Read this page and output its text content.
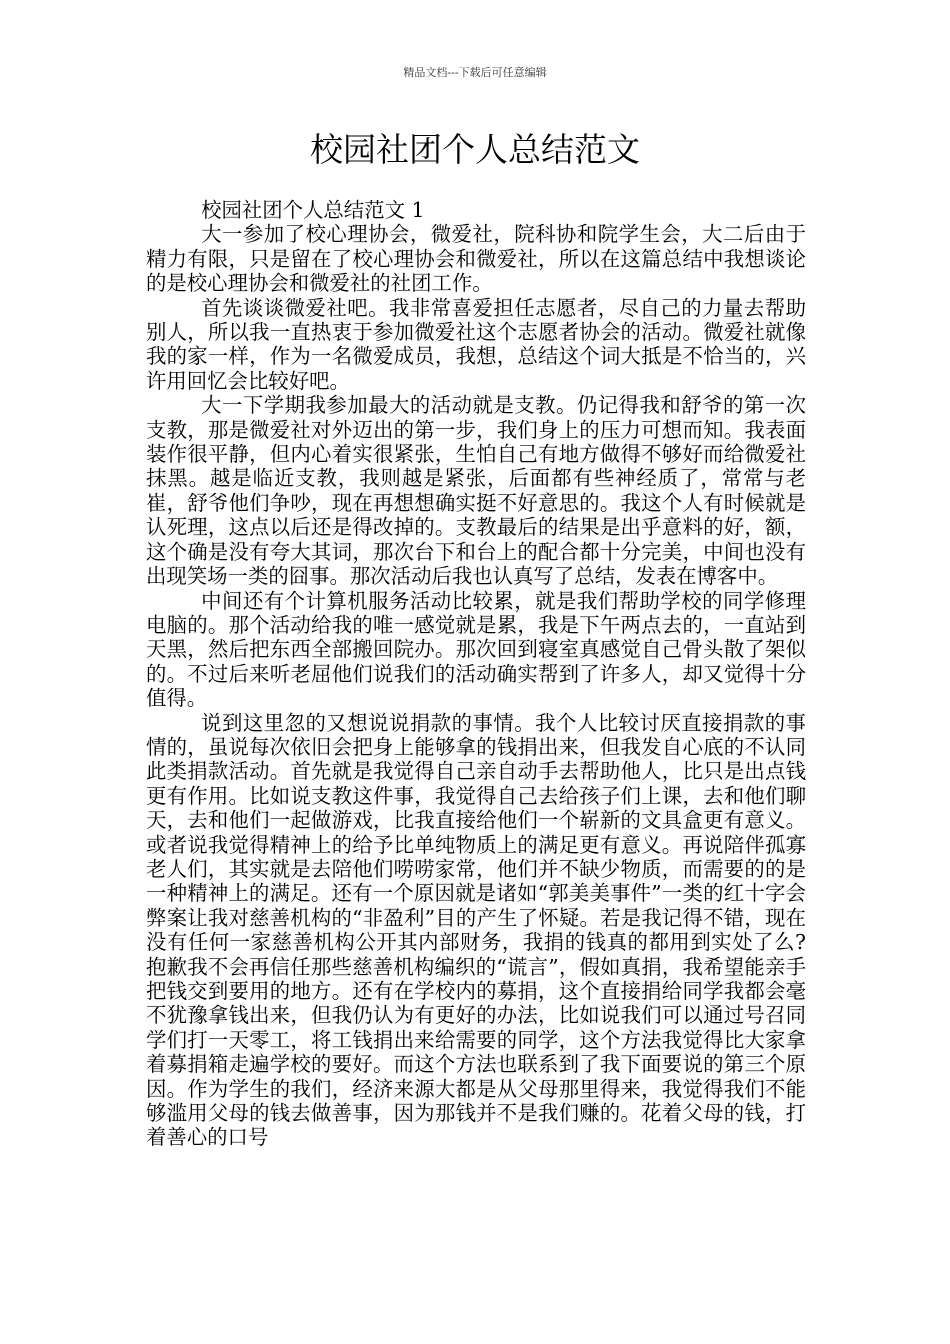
精品文档---下载后可任意编辑
校园社团个人总结范文

校园社团个人总结范文 1

大一参加了校心理协会，微爱社，院科协和院学生会，大二后由于精力有限，只是留在了校心理协会和微爱社，所以在这篇总结中我想谈论的是校心理协会和微爱社的社团工作。

首先谈谈微爱社吧。我非常喜爱担任志愿者，尽自己的力量去帮助别人，所以我一直热衷于参加微爱社这个志愿者协会的活动。微爱社就像我的家一样，作为一名微爱成员，我想，总结这个词大抵是不恰当的，兴许用回忆会比较好吧。

大一下学期我参加最大的活动就是支教。仍记得我和舒爷的第一次支教，那是微爱社对外迈出的第一步，我们身上的压力可想而知。我表面装作很平静，但内心着实很紧张，生怕自己有地方做得不够好而给微爱社抹黑。越是临近支教，我则越是紧张，后面都有些神经质了，常常与老崔，舒爷他们争吵，现在再想想确实挺不好意思的。我这个人有时候就是认死理，这点以后还是得改掉的。支教最后的结果是出乎意料的好，额，这个确是没有夸大其词，那次台下和台上的配合都十分完美，中间也没有出现笑场一类的囧事。那次活动后我也认真写了总结，发表在博客中。

中间还有个计算机服务活动比较累，就是我们帮助学校的同学修理电脑的。那个活动给我的唯一感觉就是累，我是下午两点去的，一直站到天黑，然后把东西全部搬回院办。那次回到寝室真感觉自己骨头散了架似的。不过后来听老屈他们说我们的活动确实帮到了许多人，却又觉得十分值得。

说到这里忽的又想说说捐款的事情。我个人比较讨厌直接捐款的事情的，虽说每次依旧会把身上能够拿的钱捐出来，但我发自心底的不认同此类捐款活动。首先就是我觉得自己亲自动手去帮助他人，比只是出点钱更有作用。比如说支教这件事，我觉得自己去给孩子们上课，去和他们聊天，去和他们一起做游戏，比我直接给他们一个崭新的文具盒更有意义。或者说我觉得精神上的给予比单纯物质上的满足更有意义。再说陪伴孤寡老人们，其实就是去陪他们唠唠家常，他们并不缺少物质，而需要的的是一种精神上的满足。还有一个原因就是诸如“郭美美事件”一类的红十字会弊案让我对慈善机构的“非盈利”目的产生了怀疑。若是我记得不错，现在没有任何一家慈善机构公开其内部财务，我捐的钱真的都用到实处了么?抱歉我不会再信任那些慈善机构编织的“谎言”，假如真捐，我希望能亲手把钱交到要用的地方。还有在学校内的募捐，这个直接捐给同学我都会毫不犹豫拿钱出来，但我仍认为有更好的办法，比如说我们可以通过号召同学们打一天零工，将工钱捐出来给需要的同学，这个方法我觉得比大家拿着募捐箱走遍学校的要好。而这个方法也联系到了我下面要说的第三个原因。作为学生的我们，经济来源大都是从父母那里得来，我觉得我们不能够滥用父母的钱去做善事，因为那钱并不是我们赚的。花着父母的钱，打着善心的口号
